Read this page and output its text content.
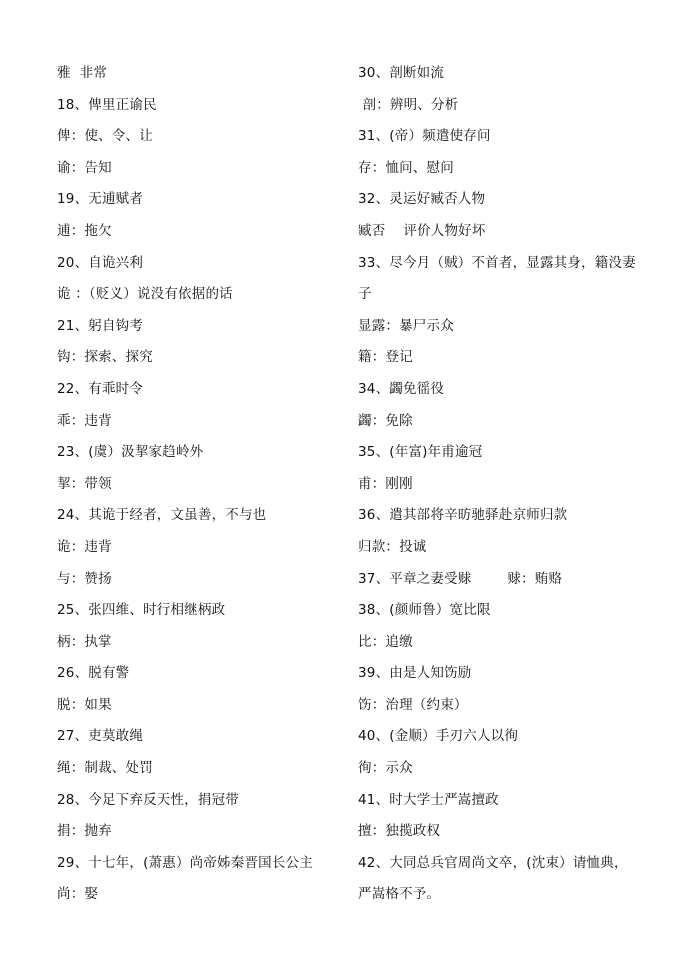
雅  非常
18、俾里正谕民
俾：使、令、让
谕：告知
19、无逋赋者
逋：拖欠
20、自诡兴利
诡 ：（贬义）说没有依据的话
21、躬自钩考
钩：探索、探究
22、有乖时令
乖：违背
23、(虞）汲挈家趋岭外
挈：带领
24、其诡于经者，文虽善，不与也
诡：违背
与：赞扬
25、张四维、时行相继柄政
柄：执掌
26、脱有警
脱：如果
27、吏莫敢绳
绳：制裁、处罚
28、今足下弃反天性，捐冠带
捐：抛弃
29、十七年，(萧惠）尚帝姊秦晋国长公主
尚：娶
30、剖断如流
剖：辨明、分析
31、(帝）频遣使存问
存：恤问、慰问
32、灵运好臧否人物
臧否    评价人物好坏
33、尽今月（贼）不首者，显露其身，籍没妻
子
显露：暴尸示众
籍：登记
34、蠲免徭役
蠲：免除
35、(年富)年甫逾冠
甫：刚刚
36、遣其部将辛昉驰驿赴京师归款
归款：投诚
37、平章之妻受赇        赇：贿赂
38、(颜师鲁）宽比限
比：追缴
39、由是人知饬励
饬：治理（约束）
40、(金顺）手刃六人以徇
徇：示众
41、时大学士严嵩擅政
擅：独揽政权
42、大同总兵官周尚文卒，(沈束）请恤典，
严嵩格不予。
